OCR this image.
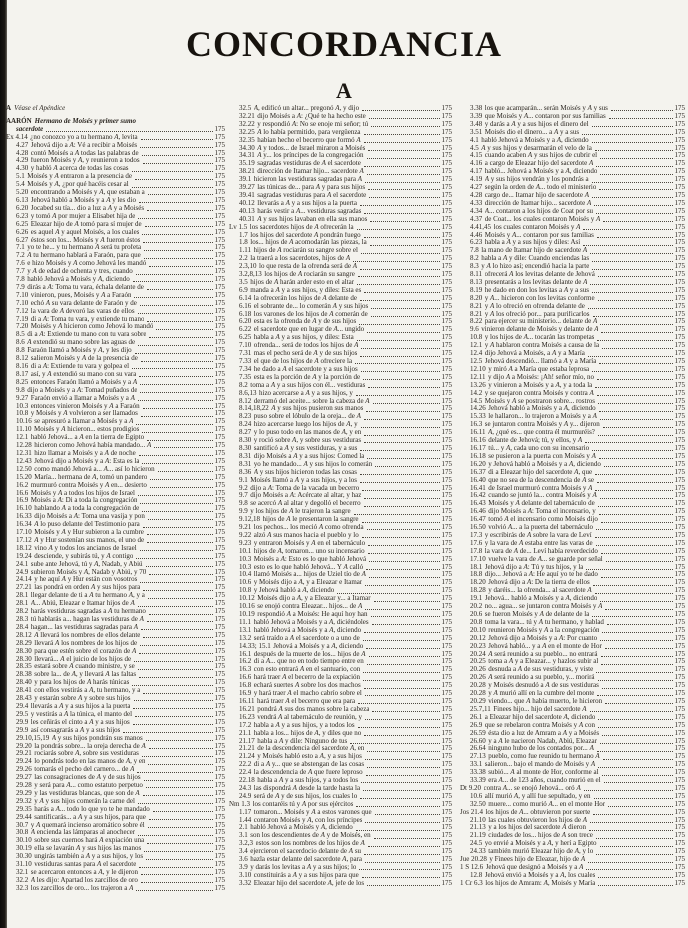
CONCORDANCIA
A
A Véase el Apéndice
AARÓN Hermano de Moisés y primer sumo
sacerdote	175
Ex 4.14 ¿no conozco yo a tu hermano A, levita	175
4.27 Jehová dijo a A: Vé a recibir a Moisés	175
4.28 contó Moisés a A todas las palabras de	175
4.29 fueron Moisés y A, y reunieron a todos	175
4.30 y habló A acerca de todas las cosas	175
5.1 Moisés y A entraron a la presencia de	175
5.4 Moisés y A, ¿por qué hacéis cesar al	175
5.20 encontrando a Moisés y A, que estaban a	175
6.13 Jehová habló a Moisés y a A y les dio	175
6.20 Jocabed su tía... dio a luz a A y a Moisés	175
6.23 y tomó A por mujer a Elisabet hija de	175
6.25 Eleazar hijo de A tomó para sí mujer de	175
6.26 es aquel A y aquel Moisés, a los cuales	175
6.27 éstos son los... Moisés y A fueron éstos	175
7.1 yo te he... y tu hermano A será tu profeta	175
7.2 A tu hermano hablará a Faraón, para que	175
7.6 e hizo Moisés y A como Jehová les mandó	175
7.7 y A de edad de ochenta y tres, cuando	175
7.8 habló Jehová a Moisés y A, diciendo	175
7.9 dirás a A: Toma tu vara, échala delante de	175
7.10 vinieron, pues, Moisés y A a Faraón	175
7.10 echó A su vara delante de Faraón y de	175
7.12 la vara de A devoró las varas de ellos	175
7.19 di a A: Toma tu vara, y extiende tu mano	175
7.20 Moisés y A hicieron como Jehová lo mandó	175
8.5 di a A: Extiende tu mano con tu vara sobre	175
8.6 A extendió su mano sobre las aguas de	175
8.8 Faraón llamó a Moisés y A, y les dijo	175
8.12 salieron Moisés y A de la presencia de	175
8.16 di a A: Extiende tu vara y golpea el	175
8.17 así, y A extendió su mano con su vara	175
8.25 entonces Faraón llamó a Moisés y a A	175
9.8 dijo a Moisés y a A: Tomad puñados de	175
9.27 Faraón envió a llamar a Moisés y a A	175
10.3 entonces vinieron Moisés y A a Faraón	175
10.8 y Moisés y A volvieron a ser llamados	175
10.16 se apresuró a llamar a Moisés y a A	175
11.10 Moisés y A hicieron... estos prodigios	175
12.1 habló Jehová... a A en la tierra de Egipto	175
12.28 hicieron como Jehová había mandado... A	175
12.31 hizo llamar a Moisés y a A de noche	175
12.43 Jehová dijo a Moisés y a A: Esta es la	175
12.50 como mandó Jehová a... A... así lo hicieron	175
15.20 María... hermana de A, tomó un pandero	175
16.2 murmuró contra Moisés y A en... desierto	175
16.6 Moisés y A a todos los hijos de Israel	175
16.9 Moisés a A: Di a toda la congregación	175
16.10 hablando A a toda la congregación de	175
16.33 dijo Moisés a A: Toma una vasija y pon	175
16.34 A lo puso delante del Testimonio para	175
17.10 Moisés y A y Hur subieron a la cumbre	175
17.12 A y Hur sostenían sus manos, el uno de	175
18.12 vino A y todos los ancianos de Israel	175
19.24 desciende, y subirás tú, y A contigo	175
24.1 sube ante Jehová, tú y A, Nadab, y Abiú	175
24.9 subieron Moisés y A, Nadab y Abiú, y 70	175
24.14 y he aquí A y Hur están con vosotros	175
27.21 las pondrá en orden A y sus hijos para	175
28.1 llegar delante de ti a A tu hermano A, y a	175
28.1 A... Abiú, Eleazar e Itamar hijos de A	175
28.2 harás vestiduras sagradas a A tu hermano	175
28.3 tú hablarás a... hagan las vestiduras de A	175
28.4 hagan... las vestiduras sagradas para A	175
28.12 A llevará los nombres de ellos delante	175
28.29 llevará A los nombres de los hijos de	175
28.30 para que estén sobre el corazón de A	175
28.30 llevará... A el juicio de los hijos de	175
28.35 estará sobre A cuando ministre, y se	175
28.38 sobre la... de A, y llevará A las faltas	175
28.40 y para los hijos de A harás túnicas	175
28.41 con ellos vestirás a A, tu hermano, y a	175
28.43 y estarán sobre A y sobre sus hijos	175
29.4 llevarás a A y a sus hijos a la puerta	175
29.5 y vestirás a A la túnica, el manto del	175
29.9 les ceñirás el cinto a A y a sus hijos	175
29.9 así consagrarás a A y a sus hijos	175
29.10,15,19 A y sus hijos pondrán sus manos	175
29.20 la pondrás sobre... la oreja derecha de A	175
29.21 rociarás sobre A, sobre sus vestiduras	175
29.24 lo pondrás todo en las manos de A, y en	175
29.26 tomarás el pecho del carnero... de A	175
29.27 las consagraciones de A y de sus hijos	175
29.28 y será para A... como estatuto perpetuo	175
29.29 y las vestiduras blancas, que son de A	175
29.32 y A y sus hijos comerán la carne del	175
29.35 harás a A... todo lo que yo te he mandado	175
29.44 santificarás... a A y a sus hijos, para que	175
30.7 y A quemará incienso aromático sobre él	175
30.8 A encienda las lámparas al anochecer	175
30.10 sobre sus cuernos hará A expiación una	175
30.19 ella se lavarán A y sus hijos las manos	175
30.30 ungirás también a A y a sus hijos, y los	175
31.10 vestiduras santas para A el sacerdote	175
32.1 se acercaron entonces a A, y le dijeron	175
32.2 A les dijo: Apartad los zarcillos de oro	175
32.3 los zarcillos de oro... los trajeron a A	175
32.5 A, edificó un altar... pregonó A, y dijo	175
32.21 dijo Moisés a A: ¿Qué te ha hecho este	175
32.22 y respondió A: No se enoje mi señor; tú	175
32.25 A lo había permitido, para vergüenza	175
32.35 habían hecho el becerro que formó A	175
34.30 A y todos... de Israel miraron a Moisés	175
34.31 A y... los príncipes de la congregación	175
35.19 sagradas vestiduras de A el sacerdote	175
38.21 dirección de Itamar hijo... sacerdote A	175
39.1 hicieron las vestiduras sagradas para A	175
39.27 las túnicas de... para A y para sus hijos	175
39.41 sagradas vestiduras para A el sacerdote	175
40.12 llevarás a A y a sus hijos a la puerta	175
40.13 harás vestir a A... vestiduras sagradas	175
40.31 A y sus hijos lavaban en ella sus manos	175
Lv 1.5 los sacerdotes hijos de A ofrecerán la	175
1.7 los hijos del sacerdote A pondrán fuego	175
1.8 los... hijos de A acomodarán las piezas, la	175
1.11 hijos de A rociarán su sangre sobre el	175
2.2 la traerá a los sacerdotes, hijos de A	175
2.3,10 lo que resta de la ofrenda será de A	175
3.2,8,13 los hijos de A rociarán su sangre	175
3.5 hijos de A harán arder esto en el altar	175
6.9 manda a A y a sus hijos, y diles: Esta es	175
6.14 la ofrecerán los hijos de A delante de	175
6.16 el sobrante de... lo comerán A y sus hijos	175
6.18 los varones de los hijos de A comerán de	175
6.20 esta es la ofrenda de A y de sus hijos	175
6.22 el sacerdote que en lugar de A... ungido	175
6.25 habla a A y a sus hijos, y diles: Esta	175
7.10 ofrenda... será de todos los hijos de A	175
7.31 mas el pecho será de A y de sus hijos	175
7.33 el que de los hijos de A ofreciere la	175
7.34 he dado a A el sacerdote y a sus hijos	175
7.35 esta es la porción de A y la porción de	175
8.2 toma a A y a sus hijos con él... vestiduras	175
8.6,13 hizo acercarse a A y a sus hijos, y	175
8.12 derramó del aceite... sobre la cabeza de A	175
8.14,18,22 A y sus hijos pusieron sus manos	175
8.23 puso sobre el lóbulo de la oreja... de A	175
8.24 hizo acercarse luego los hijos de A, y	175
8.27 y lo puso todo en las manos de A, y en	175
8.30 y roció sobre A, y sobre sus vestiduras	175
8.30 santificó a A y sus vestiduras, y a sus	175
8.31 dijo Moisés a A y a sus hijos: Comed la	175
8.31 yo he mandado... A y sus hijos lo comerán	175
8.36 A y sus hijos hicieron todas las cosas	175
9.1 Moisés llamó a A y a sus hijos, y a los	175
9.2 dijo a A: Toma de la vacada un becerro	175
9.7 dijo Moisés a A: Acércate al altar, y haz	175
9.8 se acercó A al altar y degolló el becerro	175
9.9 y los hijos de A le trajeron la sangre	175
9.12,18 hijos de A le presentaron la sangre	175
9.21 los pechos... los meció A como ofrenda	175
9.22 alzó A sus manos hacia el pueblo y lo	175
9.23 y entraron Moisés y A en el tabernáculo	175
10.1 hijos de A, tomaron... uno su incensario	175
10.3 Moisés a A: Esto es lo que habló Jehová	175
10.3 esto es lo que habló Jehová... Y A calló	175
10.4 llamó Moisés a... hijos de Uziel tío de A	175
10.6 y Moisés dijo a A, y a Eleazar e Itamar	175
10.8 y Jehová habló a A, diciendo	175
10.12 Moisés dijo a A, y a Eleazar y... a Itamar	175
10.16 se enojó contra Eleazar... hijos... de A	175
10.19 respondió A a Moisés: He aquí hoy han	175
11.1 habló Jehová a Moisés y a A, diciéndoles	175
13.1 habló Jehová a Moisés y a A, diciendo	175
13.2 será traído a A el sacerdote o a uno de	175
14.33; 15.1 Jehová a Moisés y a A, diciendo	175
16.1 después de la muerte de los... hijos de A	175
16.2 di a A... que no en todo tiempo entre en	175
16.3 con esto entrará A en el santuario, con	175
16.6 hará traer A el becerro de la expiación	175
16.8 echará suertes A sobre los dos machos	175
16.9 y hará traer A el macho cabrío sobre el	175
16.11 hará traer A el becerro que era para	175
16.21 pondrá A sus dos manos sobre la cabeza	175
16.23 vendrá A al tabernáculo de reunión, y	175
17.2 habla a A y a sus hijos, y a todos los	175
21.1 habla a los... hijos de A, y diles que no	175
21.17 habla a A y dile: Ninguno de tus	175
21.21 de la descendencia del sacerdote A, en	175
21.24 y Moisés habló esto a A, y a sus hijos	175
22.2 di a A y... que se abstengan de las cosas	175
22.4 la descendencia de A que fuere leproso	175
22.18 habla a A y a sus hijos, y a todos los	175
24.3 las dispondrá A desde la tarde hasta la	175
24.9 será de A y de sus hijos, los cuales lo	175
Nm 1.3 los contaréis tú y A por sus ejércitos	175
1.17 tomaron... Moisés y A a estos varones que	175
1.44 contaron Moisés y A, con los príncipes	175
2.1 habló Jehová a Moisés y A, diciendo	175
3.1 son los descendientes de A y de Moisés, en	175
3.2,3 estos son los nombres de los hijos de A	175
3.4 ejercieron el sacerdocio delante de A su	175
3.6 hazla estar delante del sacerdote A, para	175
3.9 y darás los levitas a A y a sus hijos; lo	175
3.10 constituirás a A y a sus hijos para que	175
3.32 Eleazar hijo del sacerdote A, jefe de los	175
3.38 los que acamparán... serán Moisés y A y sus	175
3.39 que Moisés y A... contaron por sus familias	175
3.48 y darás a A y a sus hijos el dinero del	175
3.51 Moisés dio el dinero... a A y a sus	175
4.1 habló Jehová a Moisés y a A, diciendo	175
4.5 A y sus hijos y desarmarán el velo de la	175
4.15 cuando acaben A y sus hijos de cubrir el	175
4.16 a cargo de Eleazar hijo del sacerdote A	175
4.17 habló... Jehová a Moisés y a A, diciendo	175
4.19 A y sus hijos vendrán y los pondrás a	175
4.27 según la orden de A... todo el ministerio	175
4.28 cargo de... Itamar hijo de sacerdote A	175
4.33 dirección de Itamar hijo... sacerdote A	175
4.34 A... contaron a los hijos de Coat por su	175
4.37 de Coat... los cuales contaron Moisés y A	175
4.41,45 los cuales contaron Moisés y A	175
4.46 Moisés y A... contaron por sus familias	175
6.23 habla a A y a sus hijos y diles: Así	175
7.8 la mano de Itamar hijo de sacerdote A	175
8.2 habla a A y dile: Cuando enciendas las	175
8.3 y A lo hizo así; encendió hacia la parte	175
8.11 ofrecerá A los levitas delante de Jehová	175
8.13 presentarás a los levitas delante de A	175
8.19 he dado en don los levitas a A y a sus	175
8.20 y A... hicieron con los levitas conforme	175
8.21 y A lo ofreció en ofrenda delante de	175
8.21 y A los ofreció por... para purificarlos	175
8.22 para ejercer su ministerio... delante de A	175
9.6 vinieron delante de Moisés y delante de A	175
10.8 y los hijos de A... tocarán las trompetas	175
12.1 y A hablaron contra Moisés a causa de la	175
12.4 dijo Jehová a Moisés, a A y a María	175
12.5 Jehová descendió... llamó a A y a María	175
12.10 y miró A a María que estaba leprosa	175
12.11 y dijo A a Moisés: ¡Ah! señor mío, no	175
13.26 y vinieron a Moisés y a A, y a toda la	175
14.2 y se quejaron contra Moisés y contra A	175
14.5 Moisés y A se postraron sobre... rostros	175
14.26 Jehová habló a Moisés y a A, diciendo	175
15.33 le hallaron... lo trajeron a Moisés y a A	175
16.3 se juntaron contra Moisés y A y... dijeron	175
16.11 A, ¿qué es... que contra él murmuréis?	175
16.16 delante de Jehová; tú, y ellos, y A	175
16.17 tú... y A, cada uno con su incensario	175
16.18 se pusieron a la puerta con Moisés y A	175
16.20 y Jehová habló a Moisés y a A, diciendo	175
16.37 di a Eleazar hijo del sacerdote A, que	175
16.40 que no sea de la descendencia de A se	175
16.41 de Israel murmuró contra Moisés y A	175
16.42 cuando se juntó la... contra Moisés y A	175
16.43 Moisés y A delante del tabernáculo de	175
16.46 dijo Moisés a A: Toma el incensario, y	175
16.47 tomó A el incensario como Moisés dijo	175
16.50 volvió A... a la puerta del tabernáculo	175
17.3 y escribirás de A sobre la vara de Leví	175
17.6 y la vara de A estaba entre las varas de	175
17.8 la vara de A de... Leví había reverdecido	175
17.10 vuelve la vara de A... se guarde por señal	175
18.1 Jehová dijo a A: Tú y tus hijos, y la	175
18.8 dijo... Jehová a A: He aquí yo te he dado	175
18.20 Jehová dijo a A: De la tierra de ellos	175
18.28 y daréis... la ofrenda... al sacerdote A	175
19.1 Jehová... habló a Moisés y a A, diciendo	175
20.2 no... agua... se juntaron contra Moisés y A	175
20.6 se fueron Moisés y A de delante de la	175
20.8 toma la vara... tú y A tu hermano, y hablad	175
20.10 reunieron Moisés y A a la congregación	175
20.12 Jehová dijo a Moisés y a A: Por cuanto	175
20.23 Jehová habló... y a A en el monte de Hor	175
20.24 A será reunido a su pueblo... no entrará	175
20.25 toma a A y a Eleazar... y hazlos subir al	175
20.26 desnuda a A de sus vestiduras, y viste	175
20.26 A será reunido a su pueblo, y... morirá	175
20.28 y Moisés desnudó a A de sus vestiduras	175
20.28 y A murió allí en la cumbre del monte	175
20.29 viendo... que A había muerto, le hicieron	175
25.7,11 Finees hijo... hijo del sacerdote A	175
26.1 a Eleazar hijo del sacerdote A, diciendo	175
26.9 que se rebelaron contra Moisés y A con	175
26.59 ésta dio a luz de Amram a A y a Moisés	175
26.60 y a A le nacieron Nadab, Abiú, Eleazar	175
26.64 ninguno hubo de los contados por... A	175
27.13 pueblo, como fue reunido tu hermano A	175
33.1 salieron... bajo el mando de Moisés y A	175
33.38 subió... A al monte de Hor, conforme al	175
33.39 era A... de 123 años, cuando murió en el	175
Dt 9.20 contra A... se enojó Jehová... oró A	175
10.6 allí murió A, y allí fue sepultado, y en	175
32.50 muere... como murió A... en el monte Hor	175
Jos 21.4 los hijos de A... obtuvieron por suerte	175
21.10 las cuales obtuvieron los hijos de A	175
21.13 y a los hijos del sacerdote A dieron	175
21.19 ciudades de los... hijos de A son trece	175
24.5 yo envié a Moisés y a A, y herí a Egipto	175
24.33 también murió Eleazar hijo de A, y lo	175
Jue 20.28 y Finees hijo de Eleazar, hijo de A	175
1 S 12.6 Jehová que designó a Moisés y a A	175
12.8 Jehová envió a Moisés y a A, los cuales	175
1 Cr 6.3 los hijos de Amram: A, Moisés y María	175
